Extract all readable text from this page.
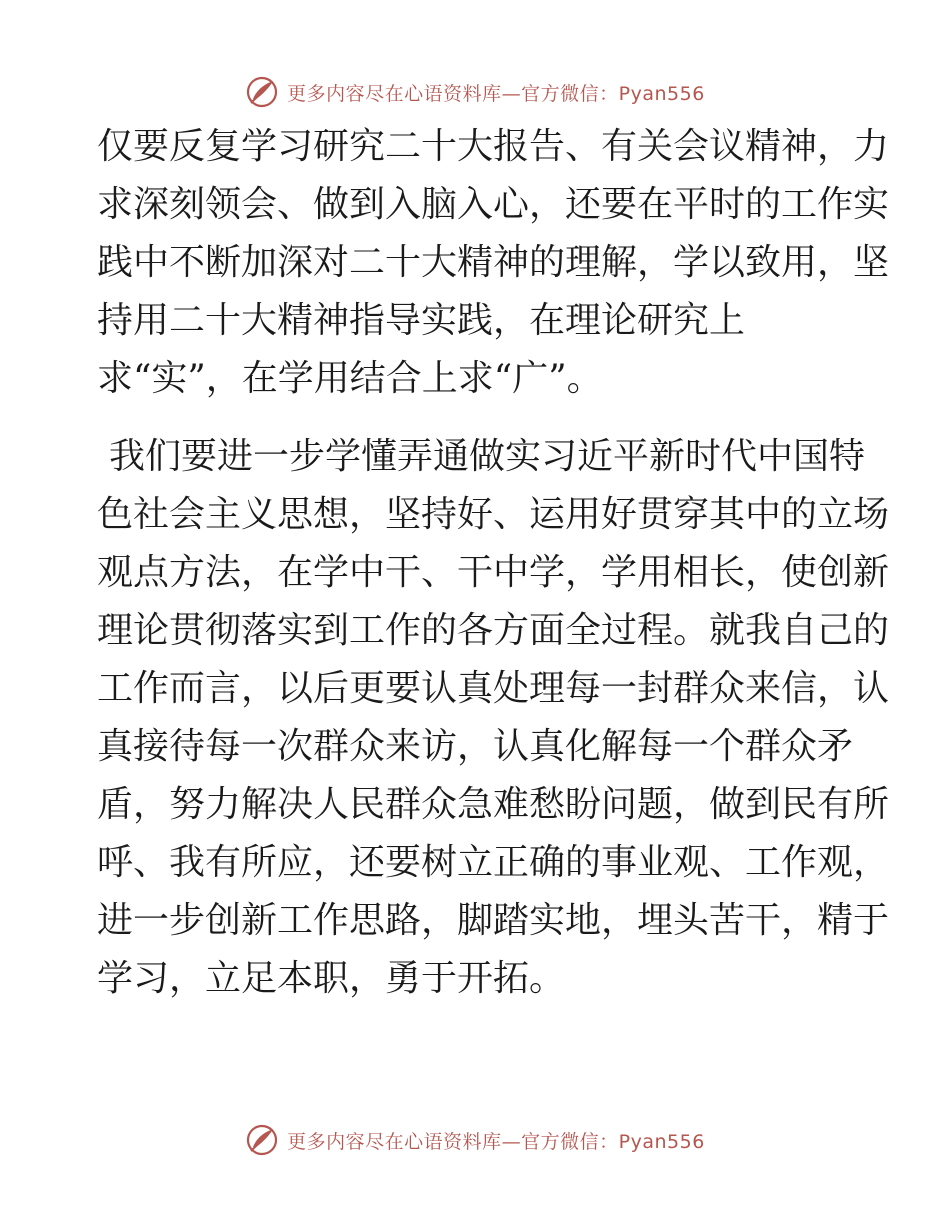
更多内容尽在心语资料库—官方微信：Pyan556
仅要反复学习研究二十大报告、有关会议精神，力
求深刻领会、做到入脑入心，还要在平时的工作实
践中不断加深对二十大精神的理解，学以致用，坚
持用二十大精神指导实践，在理论研究上
求“实”，在学用结合上求“广”。
我们要进一步学懂弄通做实习近平新时代中国特
色社会主义思想，坚持好、运用好贯穿其中的立场
观点方法，在学中干、干中学，学用相长，使创新
理论贯彻落实到工作的各方面全过程。就我自己的
工作而言，以后更要认真处理每一封群众来信，认
真接待每一次群众来访，认真化解每一个群众矛
盾，努力解决人民群众急难愁盼问题，做到民有所
呼、我有所应，还要树立正确的事业观、工作观，
进一步创新工作思路，脚踏实地，埋头苦干，精于
学习，立足本职，勇于开拓。
更多内容尽在心语资料库—官方微信：Pyan556
